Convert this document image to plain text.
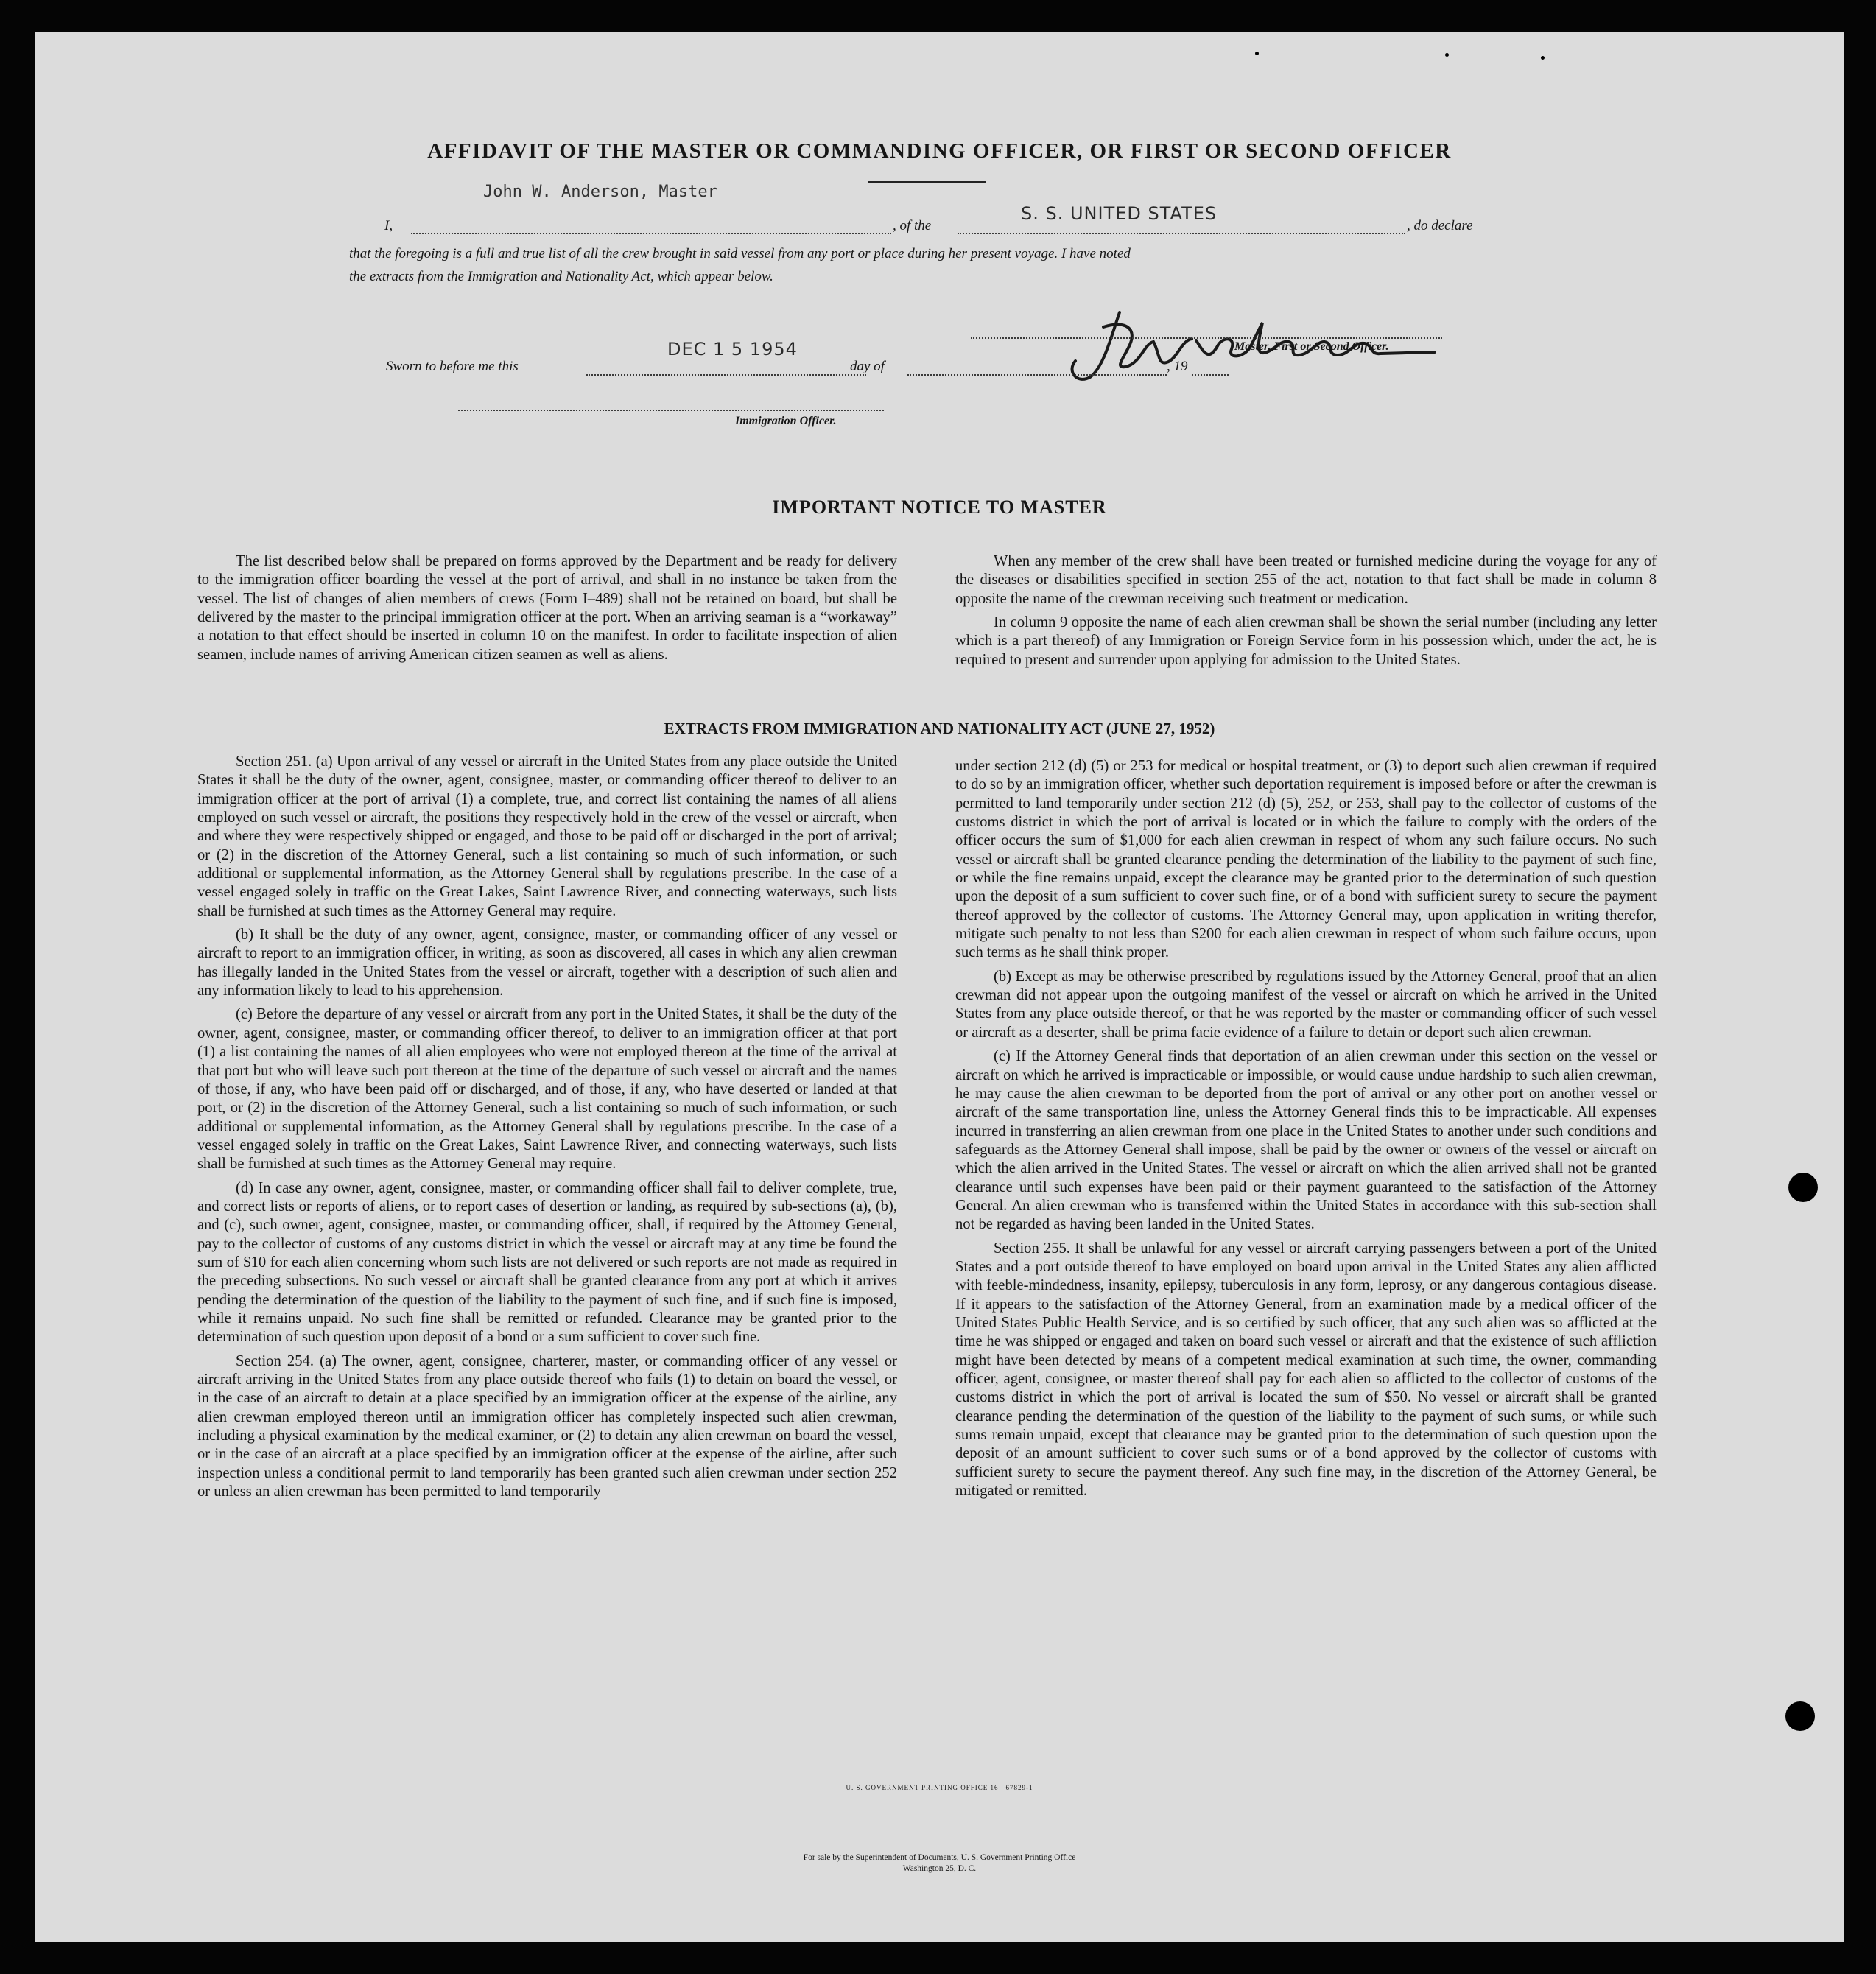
AFFIDAVIT OF THE MASTER OR COMMANDING OFFICER, OR FIRST OR SECOND OFFICER
John W. Anderson, Master
S. S. UNITED STATES
I,	, of the	, do declare
that the foregoing is a full and true list of all the crew brought in said vessel from any port or place during her present voyage. I have noted
the extracts from the Immigration and Nationality Act, which appear below.
Master, First or Second Officer.
Sworn to before me this
DEC 1 5 1954
day of	, 19
Immigration Officer.
IMPORTANT NOTICE TO MASTER

The list described below shall be prepared on forms approved by the Department and be ready for delivery to the immigration officer boarding the vessel at the port of arrival, and shall in no instance be taken from the vessel. The list of changes of alien members of crews (Form I–489) shall not be retained on board, but shall be delivered by the master to the principal immigration officer at the port. When an arriving seaman is a “workaway” a notation to that effect should be inserted in column 10 on the manifest. In order to facilitate inspection of alien seamen, include names of arriving American citizen seamen as well as aliens.

When any member of the crew shall have been treated or furnished medicine during the voyage for any of the diseases or disabilities specified in section 255 of the act, notation to that fact shall be made in column 8 opposite the name of the crewman receiving such treatment or medication.

In column 9 opposite the name of each alien crewman shall be shown the serial number (including any letter which is a part thereof) of any Immigration or Foreign Service form in his possession which, under the act, he is required to present and surrender upon applying for admission to the United States.

EXTRACTS FROM IMMIGRATION AND NATIONALITY ACT (JUNE 27, 1952)

Section 251. (a) Upon arrival of any vessel or aircraft in the United States from any place outside the United States it shall be the duty of the owner, agent, consignee, master, or commanding officer thereof to deliver to an immigration officer at the port of arrival (1) a complete, true, and correct list containing the names of all aliens employed on such vessel or aircraft, the positions they respectively hold in the crew of the vessel or aircraft, when and where they were respectively shipped or engaged, and those to be paid off or discharged in the port of arrival; or (2) in the discretion of the Attorney General, such a list containing so much of such information, or such additional or supplemental information, as the Attorney General shall by regulations prescribe. In the case of a vessel engaged solely in traffic on the Great Lakes, Saint Lawrence River, and connecting waterways, such lists shall be furnished at such times as the Attorney General may require.

(b) It shall be the duty of any owner, agent, consignee, master, or commanding officer of any vessel or aircraft to report to an immigration officer, in writing, as soon as discovered, all cases in which any alien crewman has illegally landed in the United States from the vessel or aircraft, together with a description of such alien and any information likely to lead to his apprehension.

(c) Before the departure of any vessel or aircraft from any port in the United States, it shall be the duty of the owner, agent, consignee, master, or commanding officer thereof, to deliver to an immigration officer at that port (1) a list containing the names of all alien employees who were not employed thereon at the time of the arrival at that port but who will leave such port thereon at the time of the departure of such vessel or aircraft and the names of those, if any, who have been paid off or discharged, and of those, if any, who have deserted or landed at that port, or (2) in the discretion of the Attorney General, such a list containing so much of such information, or such additional or supplemental information, as the Attorney General shall by regulations prescribe. In the case of a vessel engaged solely in traffic on the Great Lakes, Saint Lawrence River, and connecting waterways, such lists shall be furnished at such times as the Attorney General may require.

(d) In case any owner, agent, consignee, master, or commanding officer shall fail to deliver complete, true, and correct lists or reports of aliens, or to report cases of desertion or landing, as required by sub-sections (a), (b), and (c), such owner, agent, consignee, master, or commanding officer, shall, if required by the Attorney General, pay to the collector of customs of any customs district in which the vessel or aircraft may at any time be found the sum of $10 for each alien concerning whom such lists are not delivered or such reports are not made as required in the preceding subsections. No such vessel or aircraft shall be granted clearance from any port at which it arrives pending the determination of the question of the liability to the payment of such fine, and if such fine is imposed, while it remains unpaid. No such fine shall be remitted or refunded. Clearance may be granted prior to the determination of such question upon deposit of a bond or a sum sufficient to cover such fine.

Section 254. (a) The owner, agent, consignee, charterer, master, or commanding officer of any vessel or aircraft arriving in the United States from any place outside thereof who fails (1) to detain on board the vessel, or in the case of an aircraft to detain at a place specified by an immigration officer at the expense of the airline, any alien crewman employed thereon until an immigration officer has completely inspected such alien crewman, including a physical examination by the medical examiner, or (2) to detain any alien crewman on board the vessel, or in the case of an aircraft at a place specified by an immigration officer at the expense of the airline, after such inspection unless a conditional permit to land temporarily has been granted such alien crewman under section 252 or unless an alien crewman has been permitted to land temporarily

under section 212 (d) (5) or 253 for medical or hospital treatment, or (3) to deport such alien crewman if required to do so by an immigration officer, whether such deportation requirement is imposed before or after the crewman is permitted to land temporarily under section 212 (d) (5), 252, or 253, shall pay to the collector of customs of the customs district in which the port of arrival is located or in which the failure to comply with the orders of the officer occurs the sum of $1,000 for each alien crewman in respect of whom any such failure occurs. No such vessel or aircraft shall be granted clearance pending the determination of the liability to the payment of such fine, or while the fine remains unpaid, except the clearance may be granted prior to the determination of such question upon the deposit of a sum sufficient to cover such fine, or of a bond with sufficient surety to secure the payment thereof approved by the collector of customs. The Attorney General may, upon application in writing therefor, mitigate such penalty to not less than $200 for each alien crewman in respect of whom such failure occurs, upon such terms as he shall think proper.

(b) Except as may be otherwise prescribed by regulations issued by the Attorney General, proof that an alien crewman did not appear upon the outgoing manifest of the vessel or aircraft on which he arrived in the United States from any place outside thereof, or that he was reported by the master or commanding officer of such vessel or aircraft as a deserter, shall be prima facie evidence of a failure to detain or deport such alien crewman.

(c) If the Attorney General finds that deportation of an alien crewman under this section on the vessel or aircraft on which he arrived is impracticable or impossible, or would cause undue hardship to such alien crewman, he may cause the alien crewman to be deported from the port of arrival or any other port on another vessel or aircraft of the same transportation line, unless the Attorney General finds this to be impracticable. All expenses incurred in transferring an alien crewman from one place in the United States to another under such conditions and safeguards as the Attorney General shall impose, shall be paid by the owner or owners of the vessel or aircraft on which the alien arrived in the United States. The vessel or aircraft on which the alien arrived shall not be granted clearance until such expenses have been paid or their payment guaranteed to the satisfaction of the Attorney General. An alien crewman who is transferred within the United States in accordance with this sub-section shall not be regarded as having been landed in the United States.

Section 255. It shall be unlawful for any vessel or aircraft carrying passengers between a port of the United States and a port outside thereof to have employed on board upon arrival in the United States any alien afflicted with feeble-mindedness, insanity, epilepsy, tuberculosis in any form, leprosy, or any dangerous contagious disease. If it appears to the satisfaction of the Attorney General, from an examination made by a medical officer of the United States Public Health Service, and is so certified by such officer, that any such alien was so afflicted at the time he was shipped or engaged and taken on board such vessel or aircraft and that the existence of such affliction might have been detected by means of a competent medical examination at such time, the owner, commanding officer, agent, consignee, or master thereof shall pay for each alien so afflicted to the collector of customs of the customs district in which the port of arrival is located the sum of $50. No vessel or aircraft shall be granted clearance pending the determination of the question of the liability to the payment of such sums, or while such sums remain unpaid, except that clearance may be granted prior to the determination of such question upon the deposit of an amount sufficient to cover such sums or of a bond approved by the collector of customs with sufficient surety to secure the payment thereof. Any such fine may, in the discretion of the Attorney General, be mitigated or remitted.

U. S. GOVERNMENT PRINTING OFFICE 16—67829-1
For sale by the Superintendent of Documents, U. S. Government Printing Office
Washington 25, D. C.
